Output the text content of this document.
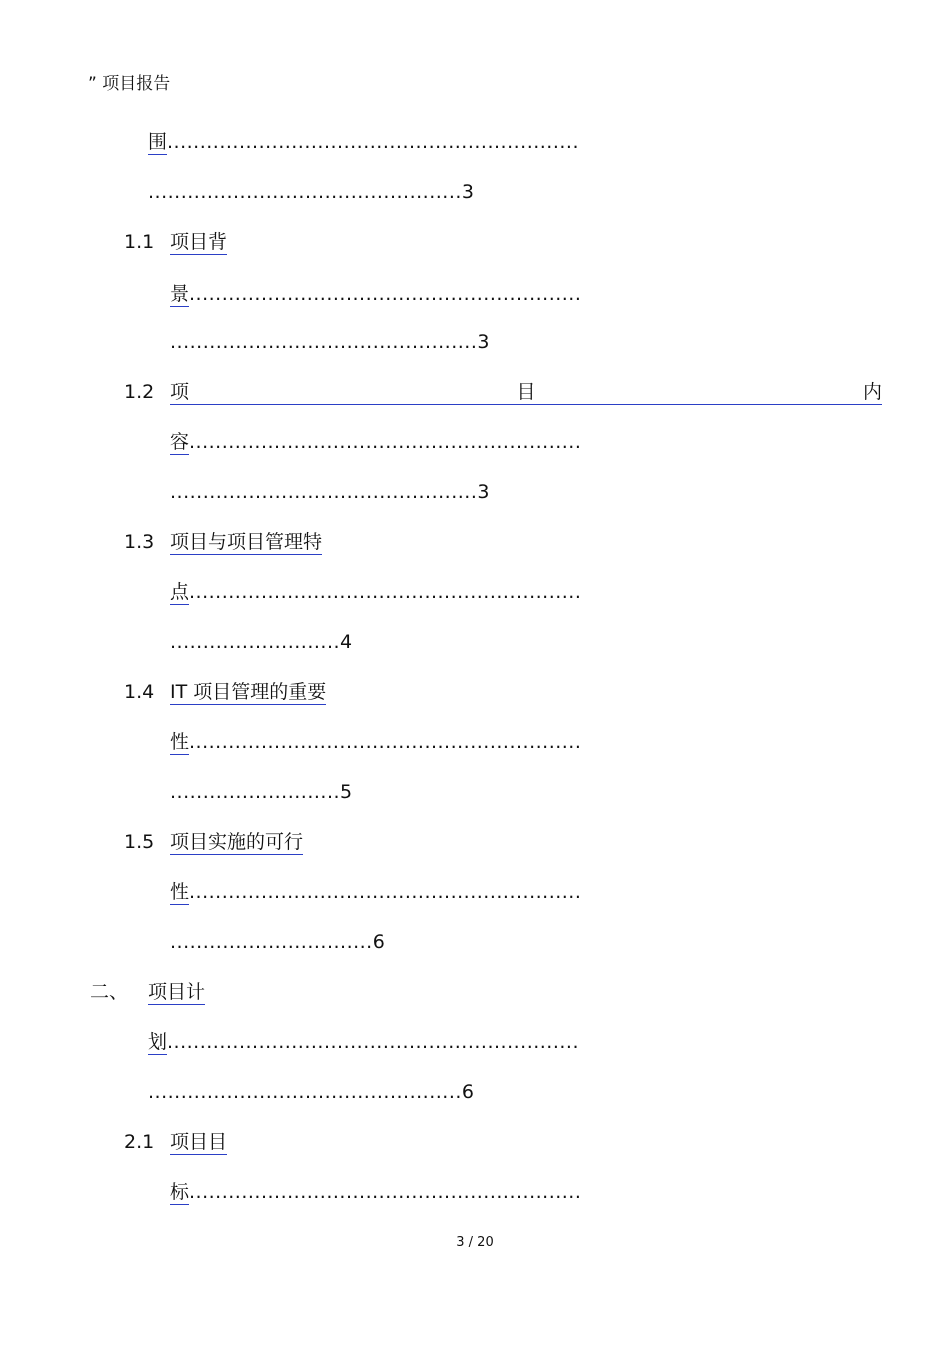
” 项目报告
围...............................................................
................................................3
1.1 项目背
景............................................................
...............................................3
1.2 项	目	内
容............................................................
...............................................3
1.3 项目与项目管理特
点............................................................
..........................4
1.4 IT 项目管理的重要
性............................................................
..........................5
1.5 项目实施的可行
性............................................................
...............................6
二、 项目计
划...............................................................
................................................6
2.1 项目目
标............................................................
3 / 20
